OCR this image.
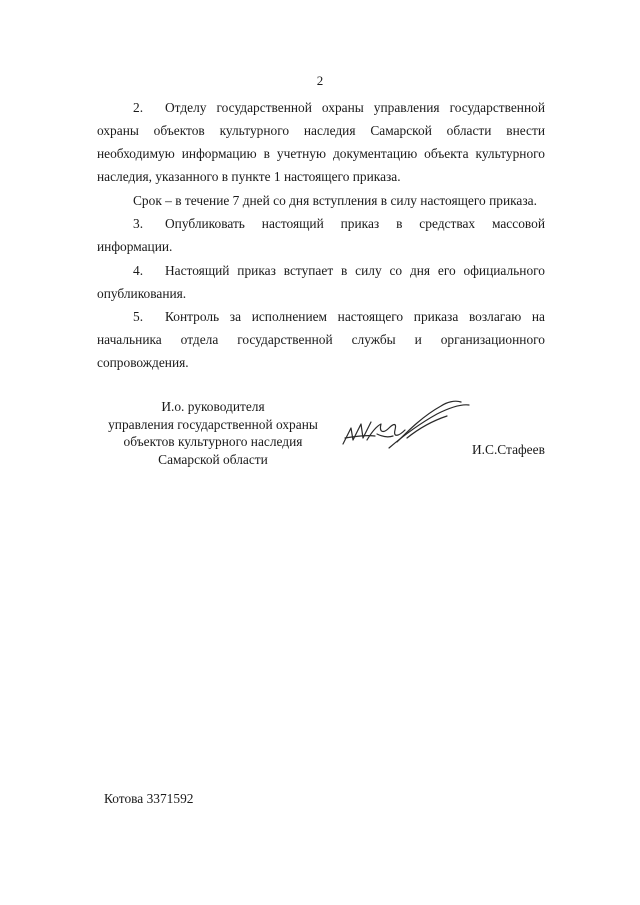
2
2. Отделу государственной охраны управления государственной охраны объектов культурного наследия Самарской области внести необходимую информацию в учетную документацию объекта культурного наследия, указанного в пункте 1 настоящего приказа.
Срок – в течение 7 дней со дня вступления в силу настоящего приказа.
3. Опубликовать настоящий приказ в средствах массовой информации.
4. Настоящий приказ вступает в силу со дня его официального опубликования.
5. Контроль за исполнением настоящего приказа возлагаю на начальника отдела государственной службы и организационного сопровождения.
И.о. руководителя
управления государственной охраны
объектов культурного наследия
Самарской области
И.С.Стафеев
Котова 3371592
